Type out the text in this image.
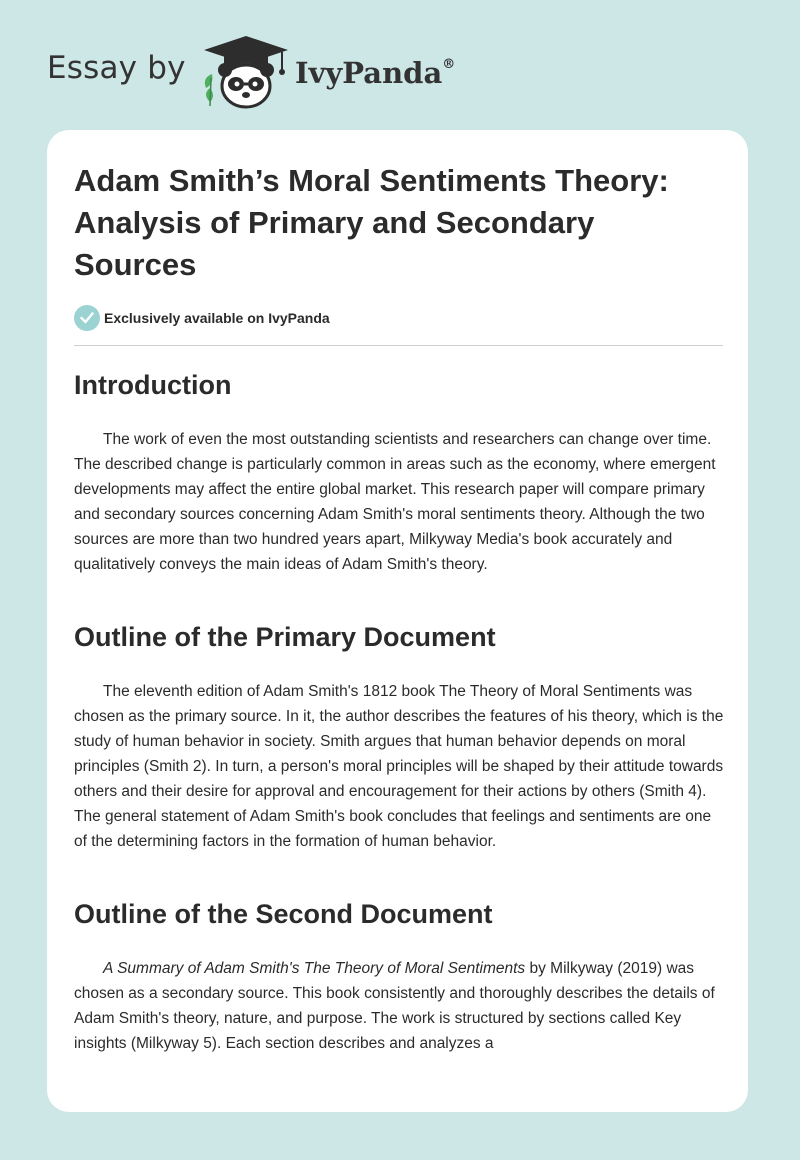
Essay by	IvyPanda®
Adam Smith’s Moral Sentiments Theory: Analysis of Primary and Secondary Sources
Exclusively available on IvyPanda
Introduction

The work of even the most outstanding scientists and researchers can change over time. The described change is particularly common in areas such as the economy, where emergent developments may affect the entire global market. This research paper will compare primary and secondary sources concerning Adam Smith's moral sentiments theory. Although the two sources are more than two hundred years apart, Milkyway Media's book accurately and qualitatively conveys the main ideas of Adam Smith's theory.

Outline of the Primary Document

The eleventh edition of Adam Smith's 1812 book The Theory of Moral Sentiments was chosen as the primary source. In it, the author describes the features of his theory, which is the study of human behavior in society. Smith argues that human behavior depends on moral principles (Smith 2). In turn, a person's moral principles will be shaped by their attitude towards others and their desire for approval and encouragement for their actions by others (Smith 4). The general statement of Adam Smith's book concludes that feelings and sentiments are one of the determining factors in the formation of human behavior.

Outline of the Second Document

A Summary of Adam Smith's The Theory of Moral Sentiments by Milkyway (2019) was chosen as a secondary source. This book consistently and thoroughly describes the details of Adam Smith's theory, nature, and purpose. The work is structured by sections called Key insights (Milkyway 5). Each section describes and analyzes a
